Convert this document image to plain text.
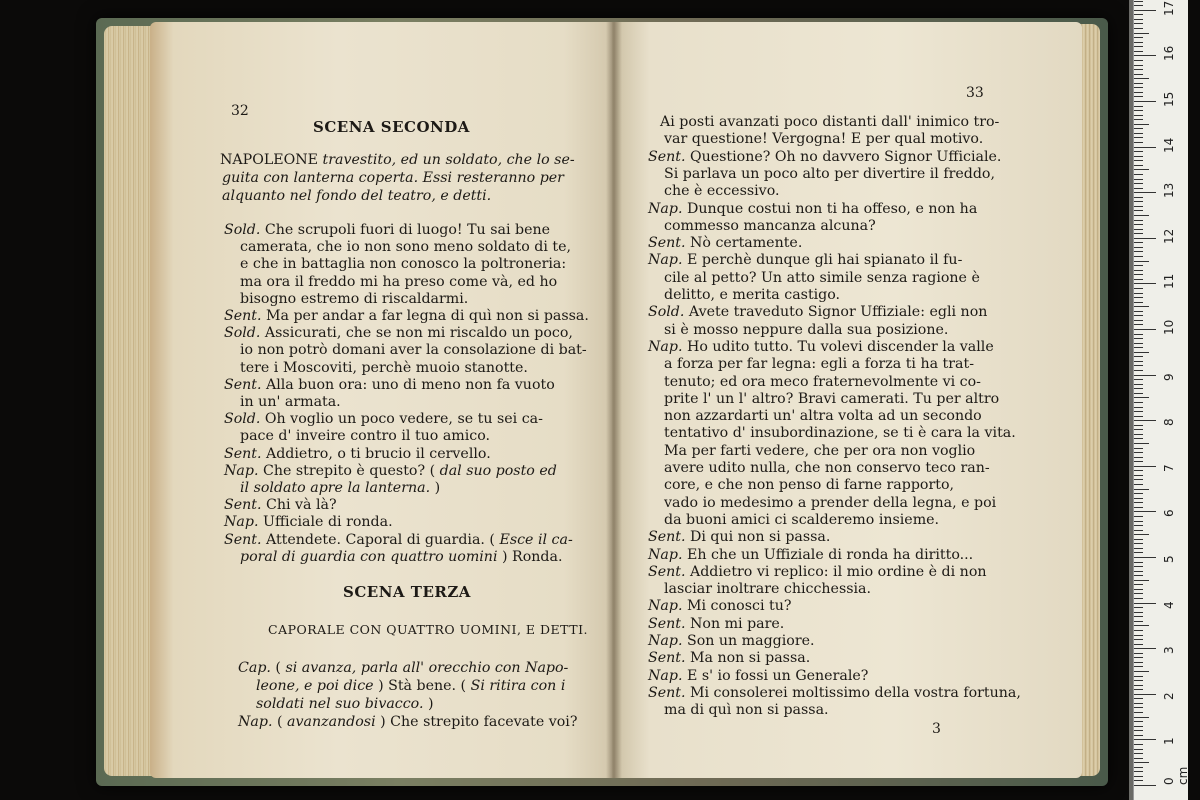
32
SCENA SECONDA
SCENA TERZA
CAPORALE CON QUATTRO UOMINI, E DETTI.
33
3
0 cm
1
2
3
4
5
6
7
8
9
10
11
12
13
14
15
16
17
NAPOLEONE travestito, ed un soldato, che lo se-
guita con lanterna coperta. Essi resteranno per
alquanto nel fondo del teatro, e detti.
Sold. Che scrupoli fuori di luogo! Tu sai bene
camerata, che io non sono meno soldato di te,
e che in battaglia non conosco la poltroneria:
ma ora il freddo mi ha preso come và, ed ho
bisogno estremo di riscaldarmi.
Sent. Ma per andar a far legna di quì non si passa.
Sold. Assicurati, che se non mi riscaldo un poco,
io non potrò domani aver la consolazione di bat-
tere i Moscoviti, perchè muoio stanotte.
Sent. Alla buon ora: uno di meno non fa vuoto
in un' armata.
Sold. Oh voglio un poco vedere, se tu sei ca-
pace d' inveire contro il tuo amico.
Sent. Addietro, o ti brucio il cervello.
Nap. Che strepito è questo? ( dal suo posto ed
il soldato apre la lanterna. )
Sent. Chi và là?
Nap. Ufficiale di ronda.
Sent. Attendete. Caporal di guardia. ( Esce il ca-
poral di guardia con quattro uomini ) Ronda.
Cap. ( si avanza, parla all' orecchio con Napo-
leone, e poi dice ) Stà bene. ( Si ritira con i
soldati nel suo bivacco. )
Nap. ( avanzandosi ) Che strepito facevate voi?
Ai posti avanzati poco distanti dall' inimico tro-
var questione! Vergogna! E per qual motivo.
Sent. Questione? Oh no davvero Signor Ufficiale.
Si parlava un poco alto per divertire il freddo,
che è eccessivo.
Nap. Dunque costui non ti ha offeso, e non ha
commesso mancanza alcuna?
Sent. Nò certamente.
Nap. E perchè dunque gli hai spianato il fu-
cile al petto? Un atto simile senza ragione è
delitto, e merita castigo.
Sold. Avete traveduto Signor Uffiziale: egli non
si è mosso neppure dalla sua posizione.
Nap. Ho udito tutto. Tu volevi discender la valle
a forza per far legna: egli a forza ti ha trat-
tenuto; ed ora meco fraternevolmente vi co-
prite l' un l' altro? Bravi camerati. Tu per altro
non azzardarti un' altra volta ad un secondo
tentativo d' insubordinazione, se ti è cara la vita.
Ma per farti vedere, che per ora non voglio
avere udito nulla, che non conservo teco ran-
core, e che non penso di farne rapporto,
vado io medesimo a prender della legna, e poi
da buoni amici ci scalderemo insieme.
Sent. Di qui non si passa.
Nap. Eh che un Uffiziale di ronda ha diritto...
Sent. Addietro vi replico: il mio ordine è di non
lasciar inoltrare chicchessia.
Nap. Mi conosci tu?
Sent. Non mi pare.
Nap. Son un maggiore.
Sent. Ma non si passa.
Nap. E s' io fossi un Generale?
Sent. Mi consolerei moltissimo della vostra fortuna,
ma di quì non si passa.
